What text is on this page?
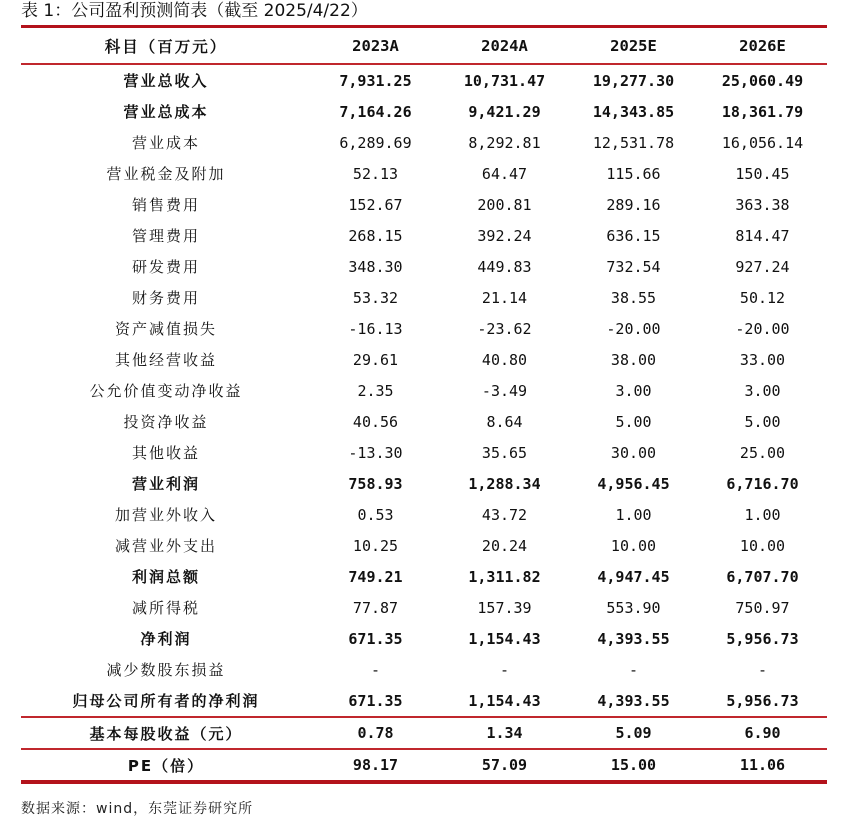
表 1：公司盈利预测简表（截至 2025/4/22）
科目（百万元）	2023A	2024A	2025E	2026E
营业总收入	7,931.25	10,731.47	19,277.30	25,060.49
营业总成本	7,164.26	9,421.29	14,343.85	18,361.79
营业成本	6,289.69	8,292.81	12,531.78	16,056.14
营业税金及附加	52.13	64.47	115.66	150.45
销售费用	152.67	200.81	289.16	363.38
管理费用	268.15	392.24	636.15	814.47
研发费用	348.30	449.83	732.54	927.24
财务费用	53.32	21.14	38.55	50.12
资产减值损失	-16.13	-23.62	-20.00	-20.00
其他经营收益	29.61	40.80	38.00	33.00
公允价值变动净收益	2.35	-3.49	3.00	3.00
投资净收益	40.56	8.64	5.00	5.00
其他收益	-13.30	35.65	30.00	25.00
营业利润	758.93	1,288.34	4,956.45	6,716.70
加营业外收入	0.53	43.72	1.00	1.00
减营业外支出	10.25	20.24	10.00	10.00
利润总额	749.21	1,311.82	4,947.45	6,707.70
减所得税	77.87	157.39	553.90	750.97
净利润	671.35	1,154.43	4,393.55	5,956.73
减少数股东损益	-	-	-	-
归母公司所有者的净利润	671.35	1,154.43	4,393.55	5,956.73
基本每股收益（元）	0.78	1.34	5.09	6.90
PE（倍）	98.17	57.09	15.00	11.06
数据来源：wind，东莞证券研究所
